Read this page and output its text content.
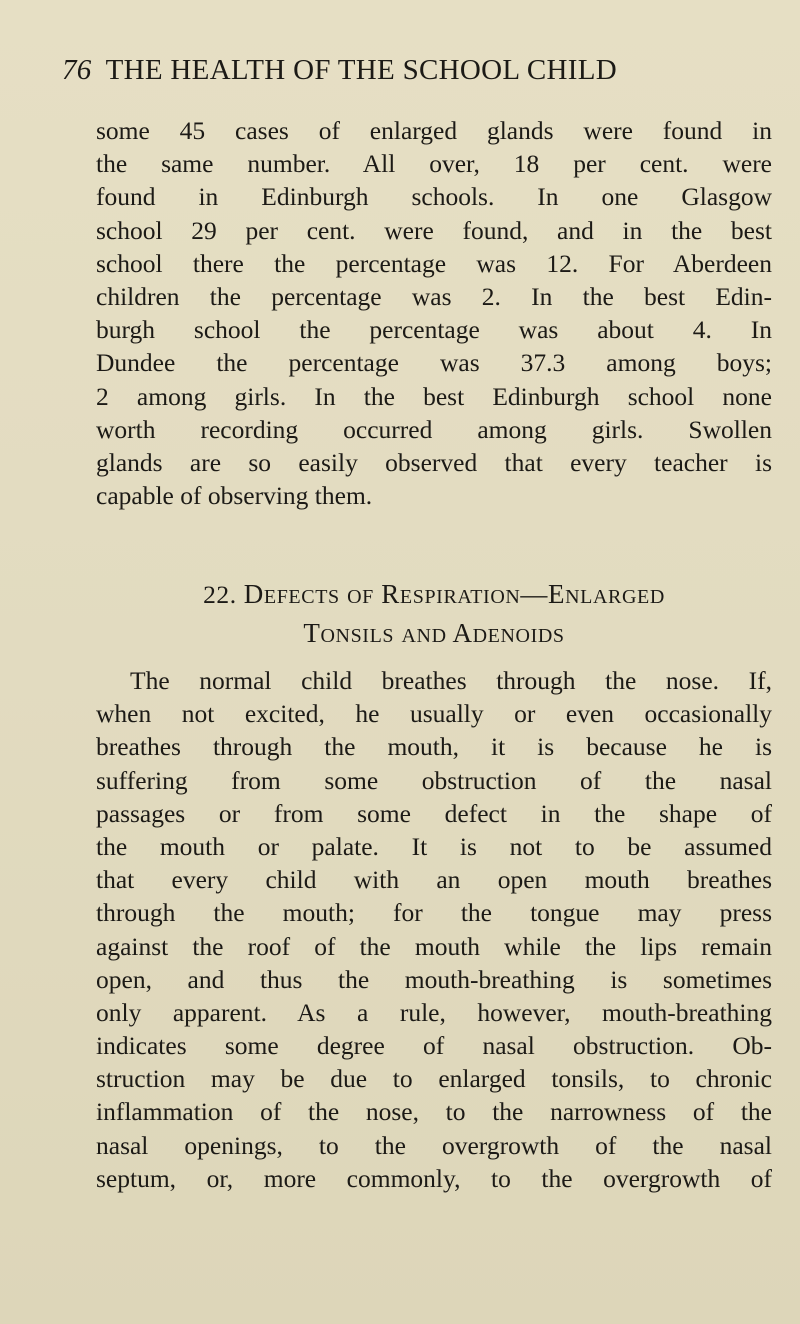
76 THE HEALTH OF THE SCHOOL CHILD
some 45 cases of enlarged glands were found in
the same number. All over, 18 per cent. were
found in Edinburgh schools. In one Glasgow
school 29 per cent. were found, and in the best
school there the percentage was 12. For Aberdeen
children the percentage was 2. In the best Edin-
burgh school the percentage was about 4. In
Dundee the percentage was 37.3 among boys;
2 among girls. In the best Edinburgh school none
worth recording occurred among girls. Swollen
glands are so easily observed that every teacher is
capable of observing them.
22. DEFECTS OF RESPIRATION—ENLARGED
TONSILS AND ADENOIDS
The normal child breathes through the nose. If,
when not excited, he usually or even occasionally
breathes through the mouth, it is because he is
suffering from some obstruction of the nasal
passages or from some defect in the shape of
the mouth or palate. It is not to be assumed
that every child with an open mouth breathes
through the mouth; for the tongue may press
against the roof of the mouth while the lips remain
open, and thus the mouth-breathing is sometimes
only apparent. As a rule, however, mouth-breathing
indicates some degree of nasal obstruction. Ob-
struction may be due to enlarged tonsils, to chronic
inflammation of the nose, to the narrowness of the
nasal openings, to the overgrowth of the nasal
septum, or, more commonly, to the overgrowth of
